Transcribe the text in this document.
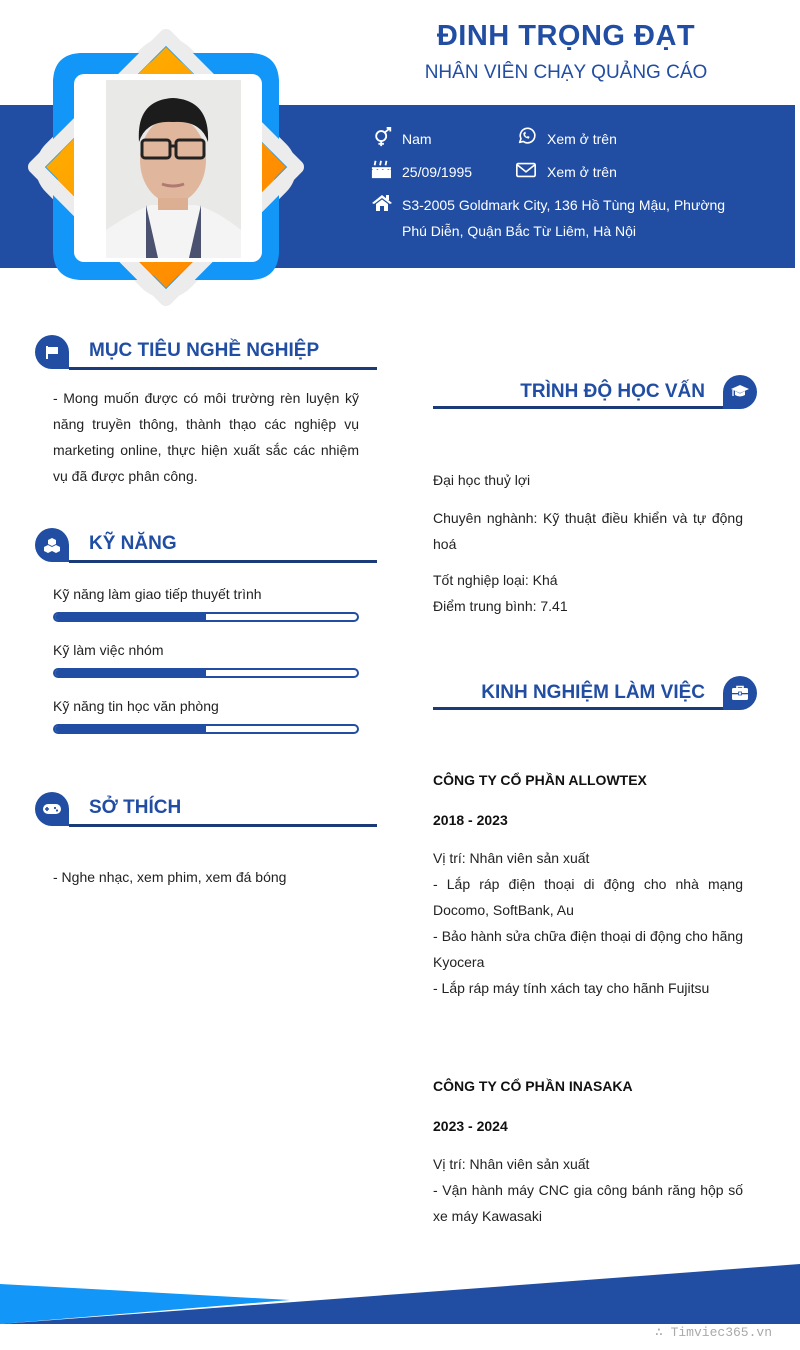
ĐINH TRỌNG ĐẠT
NHÂN VIÊN CHẠY QUẢNG CÁO
Nam	Xem ở trên
25/09/1995	Xem ở trên
S3-2005 Goldmark City, 136 Hồ Tùng Mậu, Phường
Phú Diễn, Quận Bắc Từ Liêm, Hà Nội
MỤC TIÊU NGHỀ NGHIỆP
- Mong muốn được có môi trường rèn luyện kỹ năng truyền thông, thành thạo các nghiệp vụ marketing online, thực hiện xuất sắc các nhiệm vụ đã được phân công.
KỸ NĂNG
Kỹ năng làm giao tiếp thuyết trình
Kỹ làm việc nhóm
Kỹ năng tin học văn phòng
SỞ THÍCH
- Nghe nhạc, xem phim, xem đá bóng
TRÌNH ĐỘ HỌC VẤN
Đại học thuỷ lợi
Chuyên nghành: Kỹ thuật điều khiển và tự động
hoá
Tốt nghiệp loại: Khá
Điểm trung bình: 7.41
KINH NGHIỆM LÀM VIỆC
CÔNG TY CỔ PHẦN ALLOWTEX
2018 - 2023
Vị trí: Nhân viên sản xuất
- Lắp ráp điện thoại di động cho nhà mạng
Docomo, SoftBank, Au
- Bảo hành sửa chữa điện thoại di động cho hãng
Kyocera
- Lắp ráp máy tính xách tay cho hãnh Fujitsu
CÔNG TY CỔ PHẦN INASAKA
2023 - 2024
Vị trí: Nhân viên sản xuất
- Vận hành máy CNC gia công bánh răng hộp số
xe máy Kawasaki
∴ Timviec365.vn
